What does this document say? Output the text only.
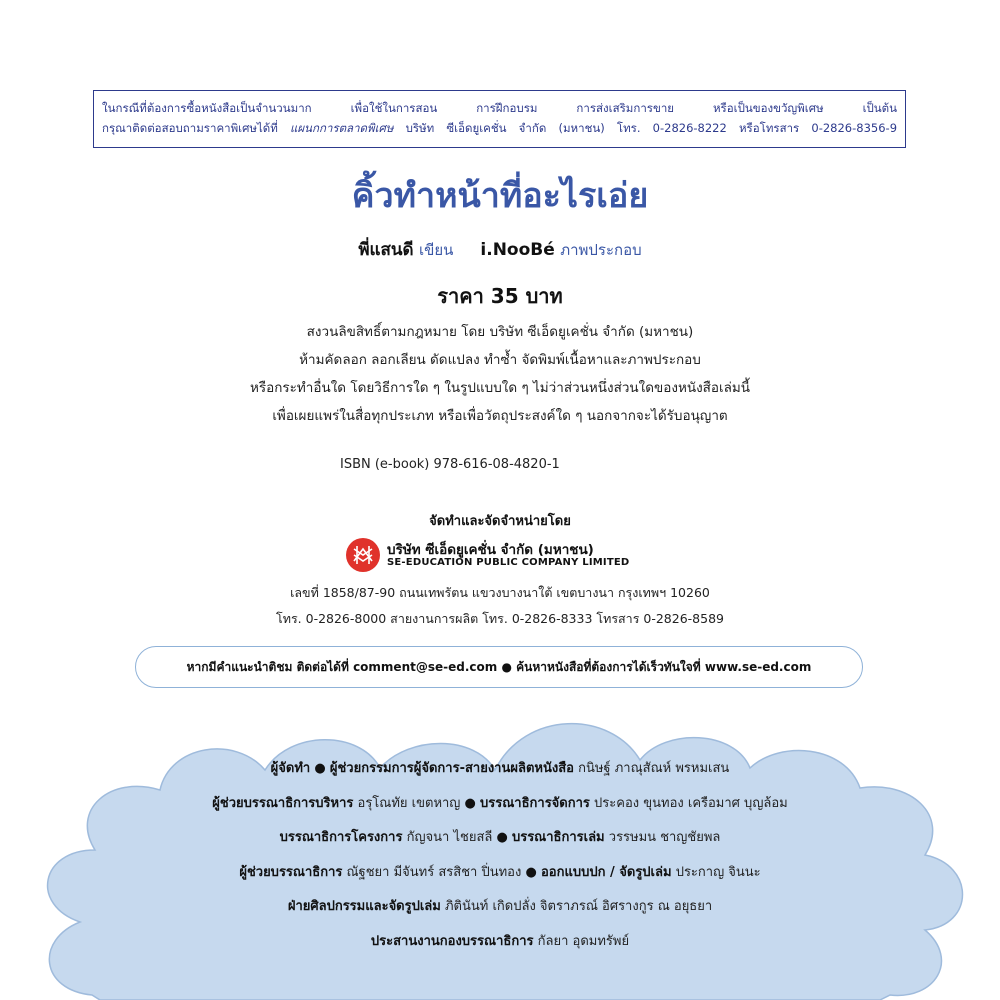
ในกรณีที่ต้องการซื้อหนังสือเป็นจำนวนมาก เพื่อใช้ในการสอน การฝึกอบรม การส่งเสริมการขาย หรือเป็นของขวัญพิเศษ เป็นต้น
กรุณาติดต่อสอบถามราคาพิเศษได้ที่ แผนกการตลาดพิเศษ บริษัท ซีเอ็ดยูเคชั่น จำกัด (มหาชน) โทร. 0-2826-8222 หรือโทรสาร 0-2826-8356-9
คิ้วทำหน้าที่อะไรเอ่ย
พี่แสนดี เขียน i.NooBé ภาพประกอบ
ราคา 35 บาท
สงวนลิขสิทธิ์ตามกฎหมาย โดย บริษัท ซีเอ็ดยูเคชั่น จำกัด (มหาชน)
ห้ามคัดลอก ลอกเลียน ดัดแปลง ทำซ้ำ จัดพิมพ์เนื้อหาและภาพประกอบ
หรือกระทำอื่นใด โดยวิธีการใด ๆ ในรูปแบบใด ๆ ไม่ว่าส่วนหนึ่งส่วนใดของหนังสือเล่มนี้
เพื่อเผยแพร่ในสื่อทุกประเภท หรือเพื่อวัตถุประสงค์ใด ๆ นอกจากจะได้รับอนุญาต
ISBN (e-book) 978-616-08-4820-1
จัดทำและจัดจำหน่ายโดย
บริษัท ซีเอ็ดยูเคชั่น จำกัด (มหาชน)
SE-EDUCATION PUBLIC COMPANY LIMITED
เลขที่ 1858/87-90 ถนนเทพรัตน แขวงบางนาใต้ เขตบางนา กรุงเทพฯ 10260
โทร. 0-2826-8000 สายงานการผลิต โทร. 0-2826-8333 โทรสาร 0-2826-8589
หากมีคำแนะนำติชม ติดต่อได้ที่ comment@se-ed.com ● ค้นหาหนังสือที่ต้องการได้เร็วทันใจที่ www.se-ed.com
ผู้จัดทำ ● ผู้ช่วยกรรมการผู้จัดการ-สายงานผลิตหนังสือ กนิษฐ์ ภาณุสัณห์ พรหมเสน
ผู้ช่วยบรรณาธิการบริหาร อรุโณทัย เขตหาญ ● บรรณาธิการจัดการ ประคอง ขุนทอง เครือมาศ บุญล้อม
บรรณาธิการโครงการ กัญจนา ไชยสลี ● บรรณาธิการเล่ม วรรษมน ชาญชัยพล
ผู้ช่วยบรรณาธิการ ณัฐชยา มีจันทร์ สรสิชา ปิ่นทอง ● ออกแบบปก / จัดรูปเล่ม ประกาญ จินนะ
ฝ่ายศิลปกรรมและจัดรูปเล่ม ภิตินันท์ เกิดปลั่ง จิตราภรณ์ อิศรางกูร ณ อยุธยา
ประสานงานกองบรรณาธิการ กัลยา อุดมทรัพย์
